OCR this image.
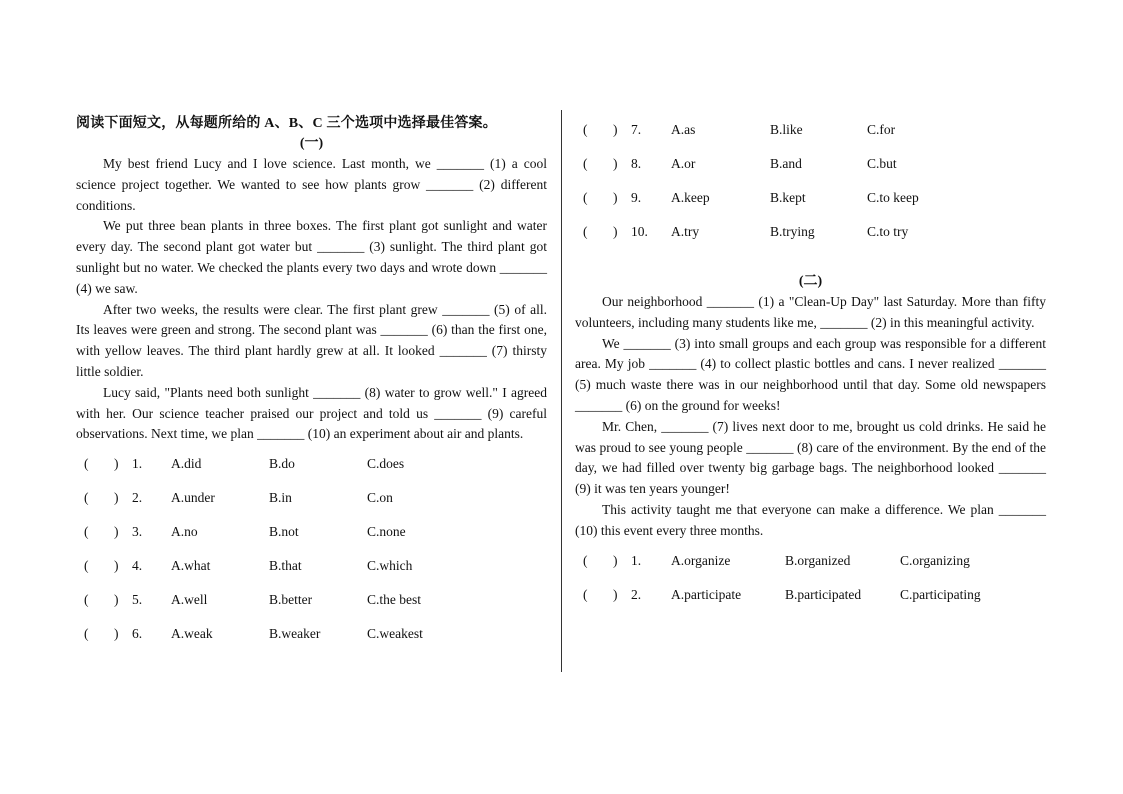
阅读下面短文，从每题所给的 A、B、C 三个选项中选择最佳答案。
(一)

My best friend Lucy and I love science. Last month, we _______ (1) a cool science project together. We wanted to see how plants grow _______ (2) different conditions.

We put three bean plants in three boxes. The first plant got sunlight and water every day. The second plant got water but _______ (3) sunlight. The third plant got sunlight but no water. We checked the plants every two days and wrote down _______ (4) we saw.

After two weeks, the results were clear. The first plant grew _______ (5) of all. Its leaves were green and strong. The second plant was _______ (6) than the first one, with yellow leaves. The third plant hardly grew at all. It looked _______ (7) thirsty little soldier.

Lucy said, "Plants need both sunlight _______ (8) water to grow well." I agreed with her. Our science teacher praised our project and told us _______ (9) careful observations. Next time, we plan _______ (10) an experiment about air and plants.

( ) 1. A.did	B.do	C.does
( ) 2. A.under	B.in	C.on
( ) 3. A.no	B.not	C.none
( ) 4. A.what	B.that	C.which
( ) 5. A.well	B.better	C.the best
( ) 6. A.weak	B.weaker	C.weakest
( ) 7. A.as	B.like	C.for
( ) 8. A.or	B.and	C.but
( ) 9. A.keep	B.kept	C.to keep
( ) 10. A.try	B.trying	C.to try
(二)

Our neighborhood _______ (1) a "Clean-Up Day" last Saturday. More than fifty volunteers, including many students like me, _______ (2) in this meaningful activity.

We _______ (3) into small groups and each group was responsible for a different area. My job _______ (4) to collect plastic bottles and cans. I never realized _______ (5) much waste there was in our neighborhood until that day. Some old newspapers _______ (6) on the ground for weeks!

Mr. Chen, _______ (7) lives next door to me, brought us cold drinks. He said he was proud to see young people _______ (8) care of the environment. By the end of the day, we had filled over twenty big garbage bags. The neighborhood looked _______ (9) it was ten years younger!

This activity taught me that everyone can make a difference. We plan _______ (10) this event every three months.

( ) 1. A.organize	B.organized	C.organizing
( ) 2. A.participate	B.participated	C.participating
